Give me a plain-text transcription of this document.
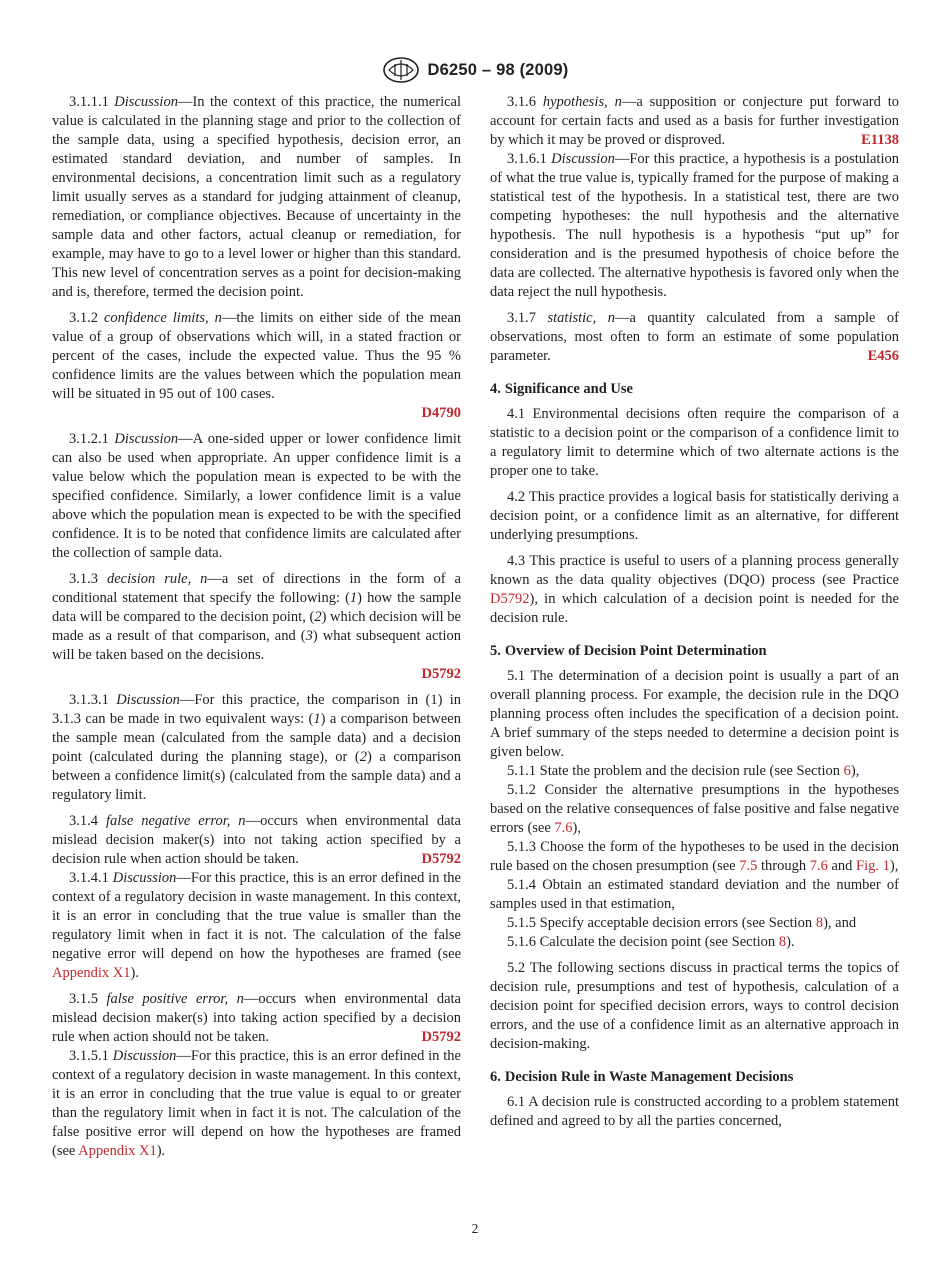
D6250 – 98 (2009)

3.1.1.1 Discussion—In the context of this practice, the numerical value is calculated in the planning stage and prior to the collection of the sample data, using a specified hypothesis, decision error, an estimated standard deviation, and number of samples. In environmental decisions, a concentration limit such as a regulatory limit usually serves as a standard for judging attainment of cleanup, remediation, or compliance objectives. Because of uncertainty in the sample data and other factors, actual cleanup or remediation, for example, may have to go to a level lower or higher than this standard. This new level of concentration serves as a point for decision-making and is, therefore, termed the decision point.

3.1.2 confidence limits, n—the limits on either side of the mean value of a group of observations which will, in a stated fraction or percent of the cases, include the expected value. Thus the 95 % confidence limits are the values between which the population mean will be situated in 95 out of 100 cases.
D4790

3.1.2.1 Discussion—A one-sided upper or lower confidence limit can also be used when appropriate. An upper confidence limit is a value below which the population mean is expected to be with the specified confidence. Similarly, a lower confidence limit is a value above which the population mean is expected to be with the specified confidence. It is to be noted that confidence limits are calculated after the collection of sample data.

3.1.3 decision rule, n—a set of directions in the form of a conditional statement that specify the following: (1) how the sample data will be compared to the decision point, (2) which decision will be made as a result of that comparison, and (3) what subsequent action will be taken based on the decisions.
D5792

3.1.3.1 Discussion—For this practice, the comparison in (1) in 3.1.3 can be made in two equivalent ways: (1) a comparison between the sample mean (calculated from the sample data) and a decision point (calculated during the planning stage), or (2) a comparison between a confidence limit(s) (calculated from the sample data) and a regulatory limit.

3.1.4 false negative error, n—occurs when environmental data mislead decision maker(s) into not taking action specified by a decision rule when action should be taken.	D5792

3.1.4.1 Discussion—For this practice, this is an error defined in the context of a regulatory decision in waste management. In this context, it is an error in concluding that the true value is smaller than the regulatory limit when in fact it is not. The calculation of the false negative error will depend on how the hypotheses are framed (see Appendix X1).

3.1.5 false positive error, n—occurs when environmental data mislead decision maker(s) into taking action specified by a decision rule when action should not be taken.	D5792

3.1.5.1 Discussion—For this practice, this is an error defined in the context of a regulatory decision in waste management. In this context, it is an error in concluding that the true value is equal to or greater than the regulatory limit when in fact it is not. The calculation of the false positive error will depend on how the hypotheses are framed (see Appendix X1).

3.1.6 hypothesis, n—a supposition or conjecture put forward to account for certain facts and used as a basis for further investigation by which it may be proved or disproved.	E1138

3.1.6.1 Discussion—For this practice, a hypothesis is a postulation of what the true value is, typically framed for the purpose of making a statistical test of the hypothesis. In a statistical test, there are two competing hypotheses: the null hypothesis and the alternative hypothesis. The null hypothesis is a hypothesis “put up” for consideration and is the presumed hypothesis of choice before the data are collected. The alternative hypothesis is favored only when the data reject the null hypothesis.

3.1.7 statistic, n—a quantity calculated from a sample of observations, most often to form an estimate of some population parameter.	E456

4. Significance and Use

4.1 Environmental decisions often require the comparison of a statistic to a decision point or the comparison of a confidence limit to a regulatory limit to determine which of two alternate actions is the proper one to take.

4.2 This practice provides a logical basis for statistically deriving a decision point, or a confidence limit as an alternative, for different underlying presumptions.

4.3 This practice is useful to users of a planning process generally known as the data quality objectives (DQO) process (see Practice D5792), in which calculation of a decision point is needed for the decision rule.

5. Overview of Decision Point Determination

5.1 The determination of a decision point is usually a part of an overall planning process. For example, the decision rule in the DQO planning process often includes the specification of a decision point. A brief summary of the steps needed to determine a decision point is given below.

5.1.1 State the problem and the decision rule (see Section 6),

5.1.2 Consider the alternative presumptions in the hypotheses based on the relative consequences of false positive and false negative errors (see 7.6),

5.1.3 Choose the form of the hypotheses to be used in the decision rule based on the chosen presumption (see 7.5 through 7.6 and Fig. 1),

5.1.4 Obtain an estimated standard deviation and the number of samples used in that estimation,

5.1.5 Specify acceptable decision errors (see Section 8), and

5.1.6 Calculate the decision point (see Section 8).

5.2 The following sections discuss in practical terms the topics of decision rule, presumptions and test of hypothesis, calculation of a decision point for specified decision errors, ways to control decision errors, and the use of a confidence limit as an alternative approach in decision-making.

6. Decision Rule in Waste Management Decisions

6.1 A decision rule is constructed according to a problem statement defined and agreed to by all the parties concerned,

2
